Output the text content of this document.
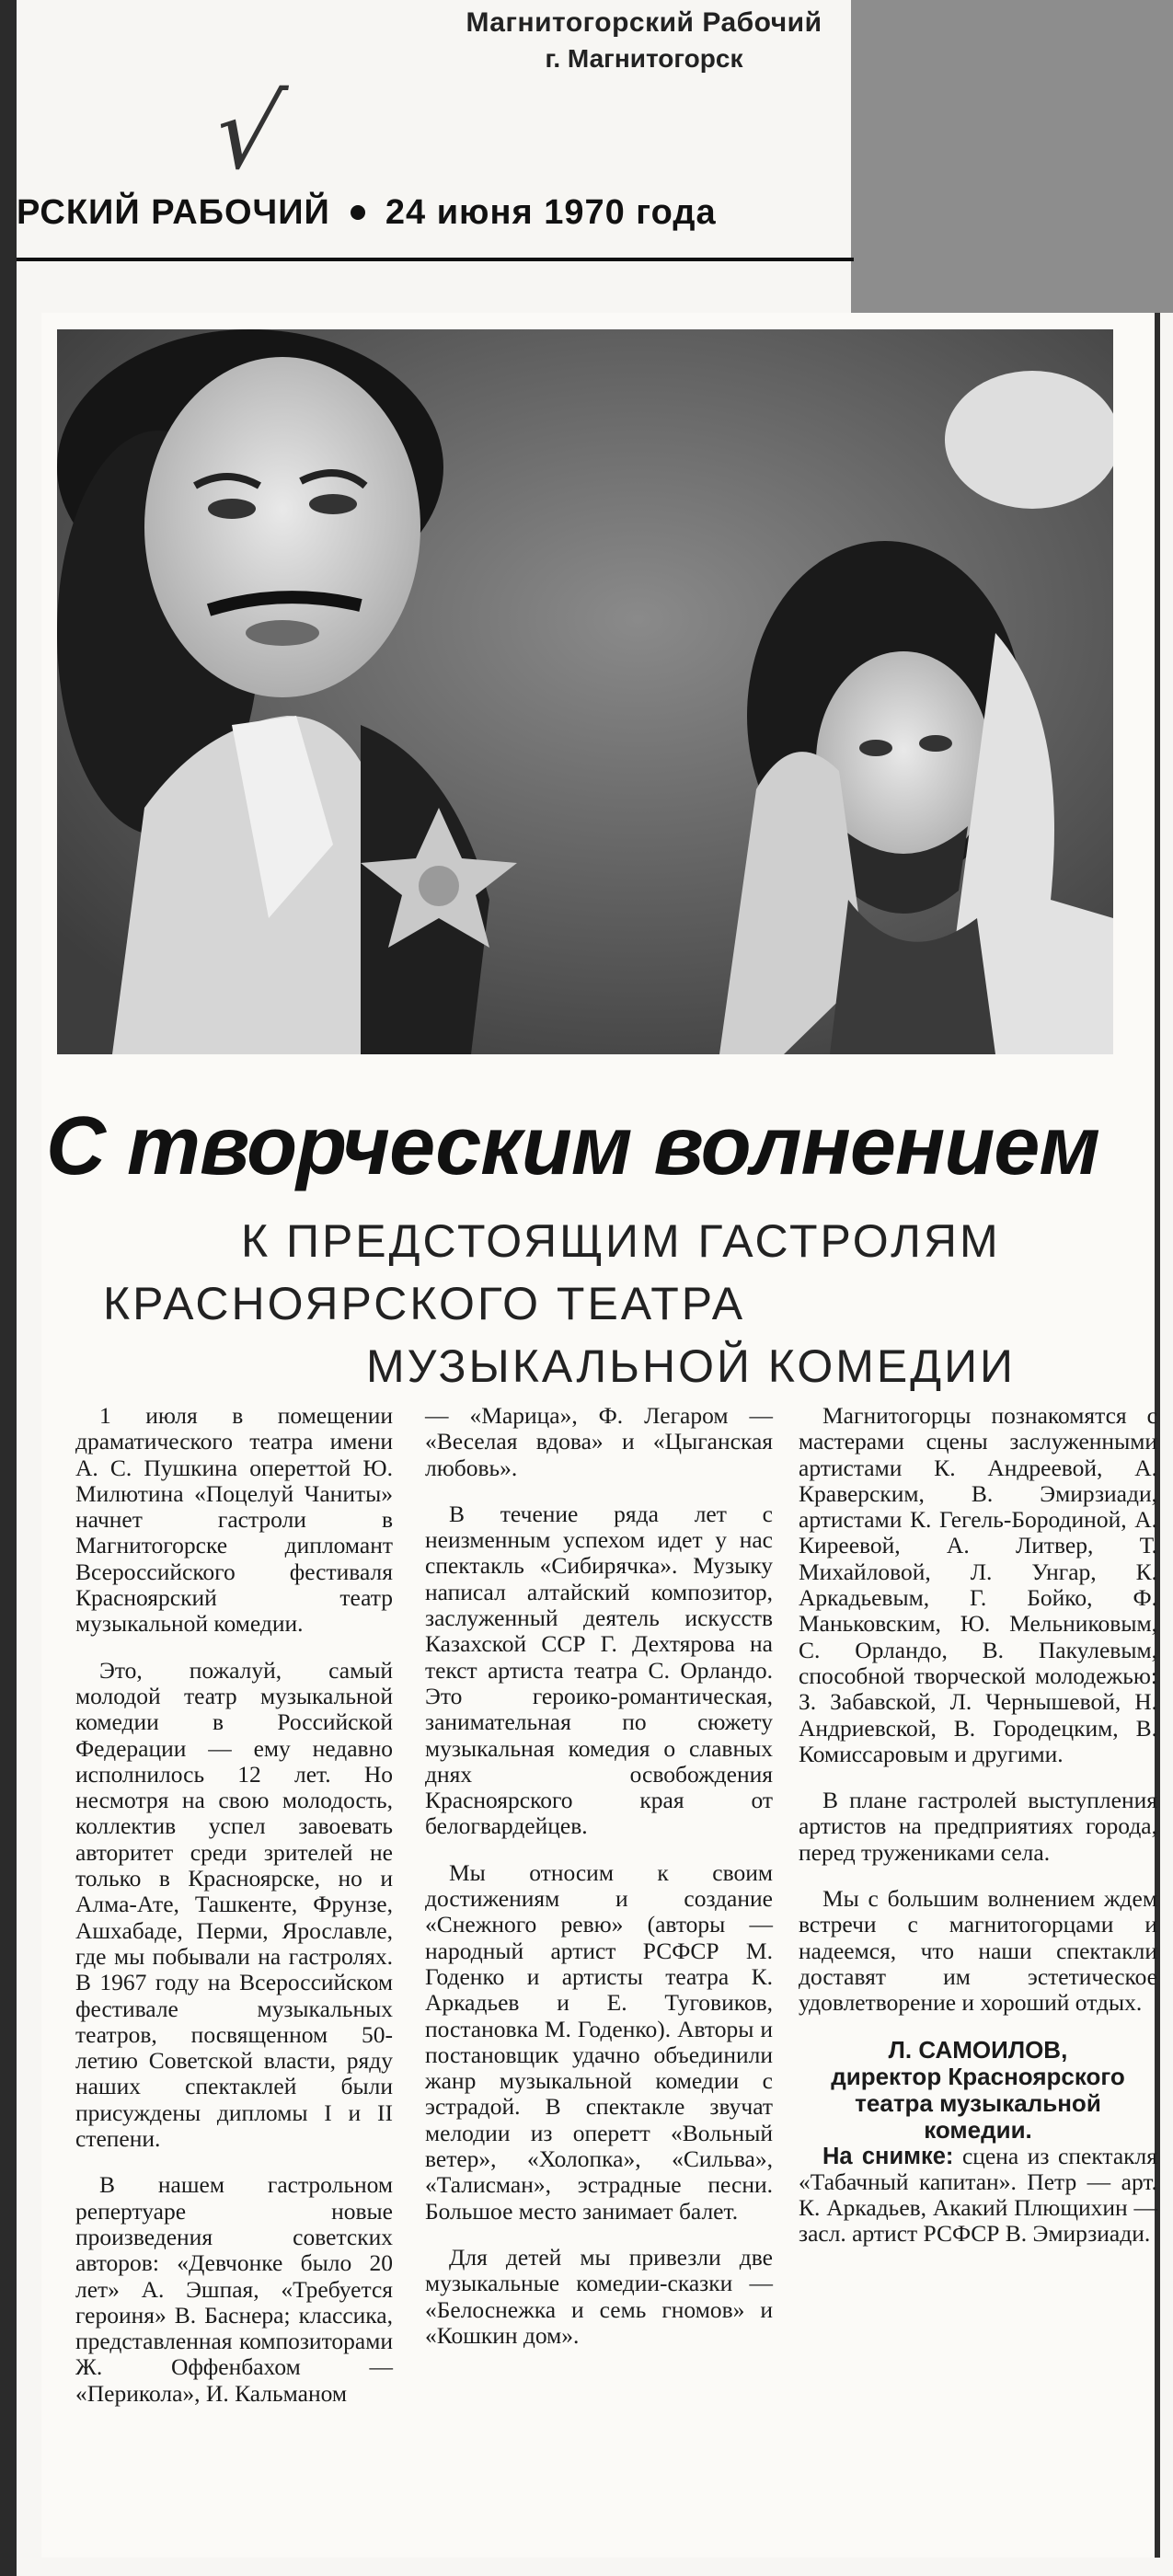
Магнитогорский Рабочий
г. Магнитогорск
√
РСКИЙ РАБОЧИЙ 24 июня 1970 года
С творческим волнением
К ПРЕДСТОЯЩИМ ГАСТРОЛЯМ
КРАСНОЯРСКОГО ТЕАТРА
МУЗЫКАЛЬНОЙ КОМЕДИИ

1 июля в помещении драматического театра имени А. С. Пушкина опереттой Ю. Милютина «Поцелуй Чаниты» начнет гастроли в Магнитогорске дипломант Всероссийского фестиваля Красноярский театр музыкальной комедии.

Это, пожалуй, самый молодой театр музыкальной комедии в Российской Федерации — ему недавно исполнилось 12 лет. Но несмотря на свою молодость, коллектив успел завоевать авторитет среди зрителей не только в Красноярске, но и Алма-Ате, Ташкенте, Фрунзе, Ашхабаде, Перми, Ярославле, где мы побывали на гастролях. В 1967 году на Всероссийском фестивале музыкальных театров, посвященном 50-летию Советской власти, ряду наших спектаклей были присуждены дипломы I и II степени.

В нашем гастрольном репертуаре новые произведения советских авторов: «Девчонке было 20 лет» А. Эшпая, «Требуется героиня» В. Баснера; классика, представленная композиторами Ж. Оффенбахом — «Перикола», И. Кальманом

— «Марица», Ф. Легаром — «Веселая вдова» и «Цыганская любовь».

В течение ряда лет с неизменным успехом идет у нас спектакль «Сибирячка». Музыку написал алтайский композитор, заслуженный деятель искусств Казахской ССР Г. Дехтярова на текст артиста театра С. Орландо. Это героико-романтическая, занимательная по сюжету музыкальная комедия о славных днях освобождения Красноярского края от белогвардейцев.

Мы относим к своим достижениям и создание «Снежного ревю» (авторы — народный артист РСФСР М. Годенко и артисты театра К. Аркадьев и Е. Туговиков, постановка М. Годенко). Авторы и постановщик удачно объединили жанр музыкальной комедии с эстрадой. В спектакле звучат мелодии из оперетт «Вольный ветер», «Холопка», «Сильва», «Талисман», эстрадные песни. Большое место занимает балет.

Для детей мы привезли две музыкальные комедии-сказки — «Белоснежка и семь гномов» и «Кошкин дом».

Магнитогорцы познакомятся с мастерами сцены заслуженными артистами К. Андреевой, А. Краверским, В. Эмирзиади, артистами К. Гегель-Бородиной, А. Киреевой, А. Литвер, Т. Михайловой, Л. Унгар, К. Аркадьевым, Г. Бойко, Ф. Маньковским, Ю. Мельниковым, С. Орландо, В. Пакулевым, способной творческой молодежью: З. Забавской, Л. Чернышевой, Н. Андриевской, В. Городецким, В. Комиссаровым и другими.

В плане гастролей выступления артистов на предприятиях города, перед тружениками села.

Мы с большим волнением ждем встречи с магнитогорцами и надеемся, что наши спектакли доставят им эстетическое удовлетворение и хороший отдых.

Л. САМОИЛОВ,
директор Красноярского театра музыкальной комедии.

На снимке: сцена из спектакля «Табачный капитан». Петр — арт. К. Аркадьев, Акакий Плющихин — засл. артист РСФСР В. Эмирзиади.
